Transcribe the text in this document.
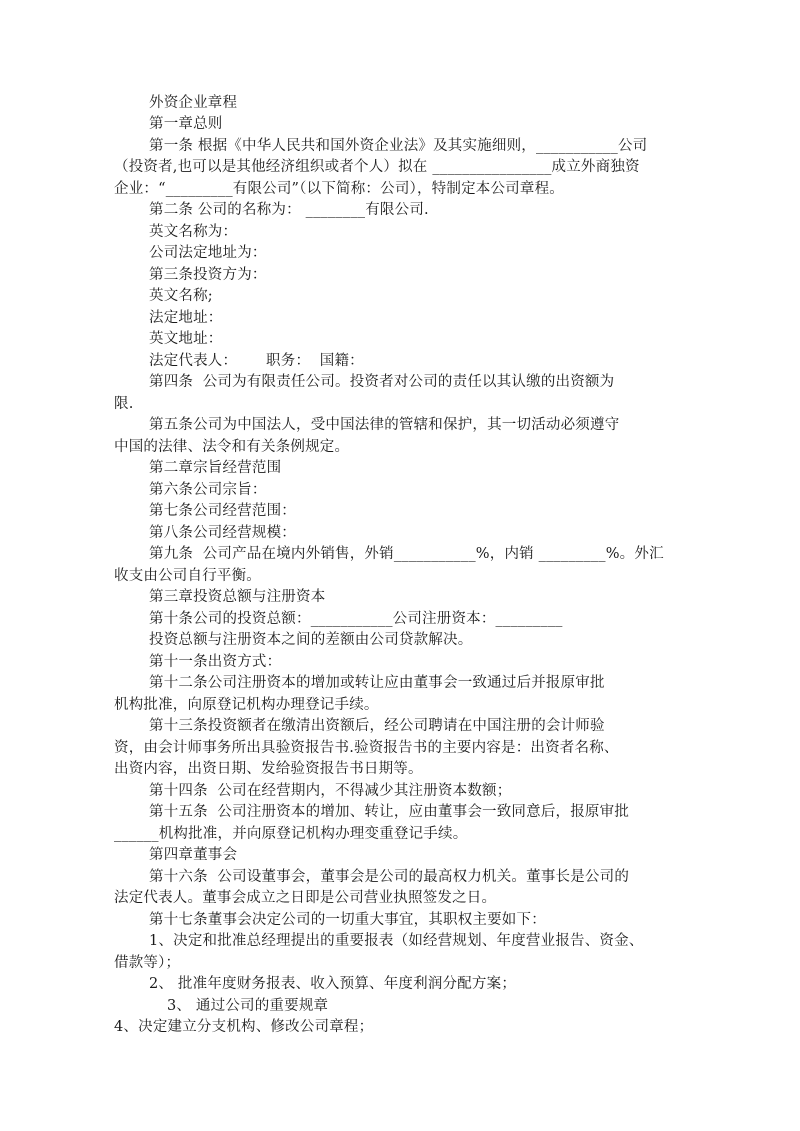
外资企业章程
第一章总则
第一条 根据《中华人民共和国外资企业法》及其实施细则，___________公司
（投资者,也可以是其他经济组织或者个人）拟在 ________________成立外商独资
企业：“_________有限公司”（以下简称：公司），特制定本公司章程。
第二条 公司的名称为： ________有限公司.
英文名称为：
公司法定地址为：
第三条投资方为：
英文名称;
法定地址：
英文地址：
法定代表人：      职务：  国籍：
第四条  公司为有限责任公司。投资者对公司的责任以其认缴的出资额为
限.
第五条公司为中国法人，受中国法律的管辖和保护，其一切活动必须遵守
中国的法律、法令和有关条例规定。
第二章宗旨经营范围
第六条公司宗旨：
第七条公司经营范围：
第八条公司经营规模：
第九条  公司产品在境内外销售，外销___________%，内销 _________%。外汇
收支由公司自行平衡。
第三章投资总额与注册资本
第十条公司的投资总额：___________公司注册资本：_________
投资总额与注册资本之间的差额由公司贷款解决。
第十一条出资方式：
第十二条公司注册资本的增加或转让应由董事会一致通过后并报原审批
机构批准，向原登记机构办理登记手续。
第十三条投资额者在缴清出资额后，经公司聘请在中国注册的会计师验
资，由会计师事务所出具验资报告书.验资报告书的主要内容是：出资者名称、
出资内容，出资日期、发给验资报告书日期等。
第十四条  公司在经营期内，不得减少其注册资本数额；
第十五条  公司注册资本的增加、转让，应由董事会一致同意后，报原审批
______机构批准，并向原登记机构办理变重登记手续。
第四章董事会
第十六条  公司设董事会，董事会是公司的最高权力机关。董事长是公司的
法定代表人。董事会成立之日即是公司营业执照签发之日。
第十七条董事会决定公司的一切重大事宜，其职权主要如下：
1、决定和批准总经理提出的重要报表（如经营规划、年度营业报告、资金、
借款等）；
2、 批准年度财务报表、收入预算、年度利润分配方案；
3、 通过公司的重要规章
4、决定建立分支机构、修改公司章程；
